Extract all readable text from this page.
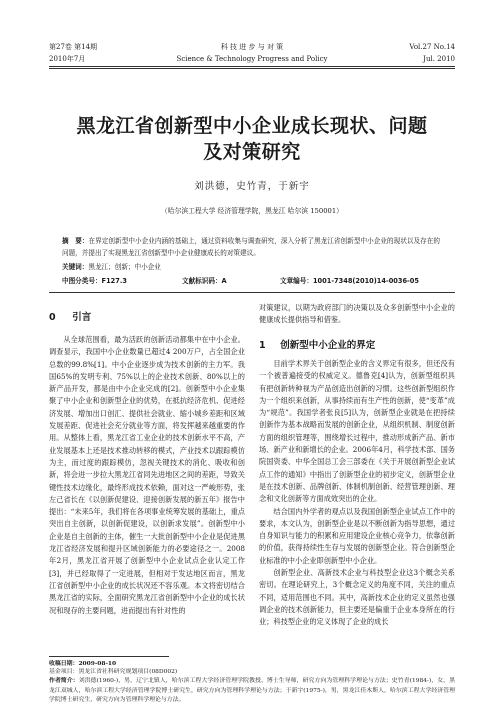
第27卷 第14期
2010年7月
科 技 进 步 与 对 策
Science & Technology Progress and Policy
Vol.27 No.14
Jul. 2010
黑龙江省创新型中小企业成长现状、问题
及对策研究
刘洪德，史竹青，于新宇
（哈尔滨工程大学 经济管理学院，黑龙江 哈尔滨 150001）
摘　要：在界定创新型中小企业内涵的基础上，通过资料收集与调查研究，深入分析了黑龙江省创新型中小企业的现状以及存在的问题，并提出了实现黑龙江省创新型中小企业健康成长的对策建议。
关键词：黑龙江；创新；中小企业
中图分类号：F127.3	文献标识码：A	文章编号：1001-7348(2010)14-0036-05
0 引言

从全球范围看，最为活跃的创新活动都集中在中小企业。调查显示，我国中小企业数量已超过4 200万户，占全国企业总数的99.8%[1]。中小企业逐步成为技术创新的主力军。我国65%的发明专利、75%以上的企业技术创新、80%以上的新产品开发，都是由中小企业完成的[2]。创新型中小企业集聚了中小企业和创新型企业的优势，在抵抗经济危机、促进经济发展、增加出口创汇、提供社会就业、缩小城乡差距和区域发展差距、促进社会充分就业等方面，将发挥越来越重要的作用。从整体上看，黑龙江省工业企业的技术创新水平不高，产业发展基本上还是技术推动转移的模式，产业技术以跟踪模仿为主，而过度的跟踪模仿，忽视关键技术的消化、吸收和创新，将会进一步拉大黑龙江省同先进地区之间的差距，导致关键性技术边缘化，最终形成技术依赖，面对这一严峻形势，张左己省长在《以创新促建设、迎接创新发展的新五年》报告中提出：“未来5年，我们将在各项事业统筹发展的基础上，重点突出自主创新，以创新促建设，以创新求发展”。创新型中小企业是自主创新的主体，催生一大批创新型中小企业是促进黑龙江省经济发展和提升区域创新能力的必要途径之一。2008年2月，黑龙江省开展了创新型中小企业试点企业认定工作[3]，并已经取得了一定进展，但相对于发达地区而言，黑龙江省创新型中小企业的成长状况还不容乐观。本文将密切结合黑龙江省的实际，全面研究黑龙江省创新型中小企业的成长状况和现存的主要问题，进而提出有针对性的

对策建议，以期为政府部门的决策以及众多创新型中小企业的健康成长提供指导和借鉴。

1 创新型中小企业的界定

目前学术界关于创新型企业的含义界定有很多，但还没有一个被普遍接受的权威定义。德鲁克[4]认为，创新型组织具有把创新转种视为产品创造出创新的习惯。这些创新型组织作为一个组织来创新，从事持续而有生产性的创新，使“变革”成为“规范”。我国学者张良[5]认为，创新型企业就是在把持续创新作为基本战略而发展的创新企业，从组织机制、制度创新方面的组织管理等，围绕增长过程中，推动形成新产品、新市场、新产业和新增长的企业。2006年4月，科学技术部、国务院国资委、中华全国总工会三部委在《关于开展创新型企业试点工作的通知》中指出了创新型企业的初步定义，创新型企业是在技术创新、品牌创新、体制机制创新、经营管理创新、理念和文化创新等方面成效突出的企业。

结合国内外学者的观点以及我国创新型企业试点工作中的要求，本文认为，创新型企业是以不断创新为指导思想，通过自身知识与能力的积累和应用建设企业核心竞争力，依靠创新的价值，获得持续性生存与发展的创新型企业。符合创新型企业标准的中小企业即创新型中小企业。

创新型企业、高新技术企业与科技型企业这3个概念关系密切。在理论研究上，3个概念定义的角度不同，关注的重点不同，适用范围也不同。其中，高新技术企业的定义虽然也强调企业的技术创新能力，但主要还是偏重于企业本身所在的行业；科技型企业的定义体现了企业的成长

收稿日期：2009-08-10
基金项目：黑龙江省社科研究规划项目(08D002)
作者简介：刘洪德(1960-)，男，辽宁北镇人，哈尔滨工程大学经济管理学院教授、博士生导师，研究方向为管理科学理论与方法；史竹青(1984-)，女，黑龙江双城人，哈尔滨工程大学经济管理学院博士研究生，研究方向为管理科学理论与方法；于新宇(1975-)，男，黑龙江佳木斯人，哈尔滨工程大学经济管理学院博士研究生，研究方向为管理科学理论与方法。
